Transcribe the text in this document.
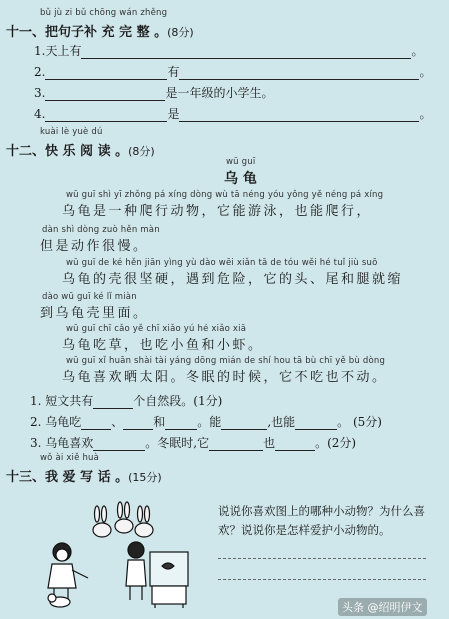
bǔ jù zi bǔ chōng wán zhěng
十一、把句子补 充 完 整 。(8分)
1.天上有	。
2.	有	。
3.	是一年级的小学生。
4.	是	。
kuài lè yuè dú
十二、快 乐 阅 读 。(8分)
wū guī
乌 龟
wū guī shì yī zhǒng pá xíng dòng wù tā néng yóu yǒng yě néng pá xíng
乌龟是一种爬行动物，它能游泳，也能爬行，
dàn shì dòng zuò hěn màn
但是动作很慢。
wū guī de ké hěn jiān yìng yù dào wēi xiǎn tā de tóu wěi hé tuǐ jiù suō
乌龟的壳很坚硬，遇到危险，它的头、尾和腿就缩
dào wū guī ké lǐ miàn
到乌龟壳里面。
wū guī chī cǎo yě chī xiǎo yú hé xiǎo xiā
乌龟吃草，也吃小鱼和小虾。
wū guī xǐ huān shài tài yáng dōng mián de shí hou tā bù chī yě bù dòng
乌龟喜欢晒太阳。冬眠的时候，它不吃也不动。
1. 短文共有	个自然段。(1分)
2. 乌龟吃	、	和	。能	,也能	。 (5分)
3. 乌龟喜欢	。冬眠时,它	也	。(2分)
wǒ ài xiě huà
十三、我 爱 写 话 。(15分)
说说你喜欢图上的哪种小动物？为什么喜欢？说说你是怎样爱护小动物的。
头条 @绍明伊文
